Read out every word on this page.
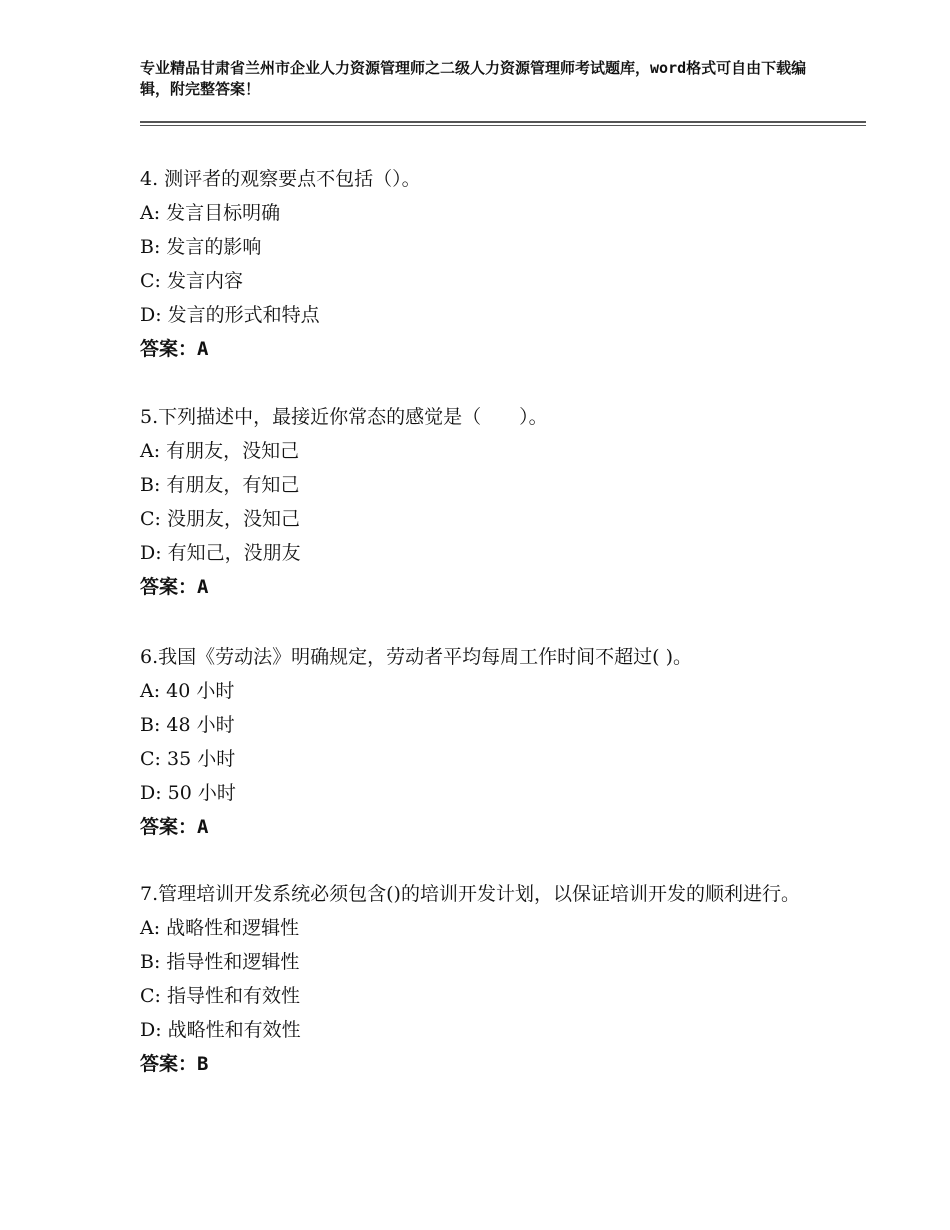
专业精品甘肃省兰州市企业人力资源管理师之二级人力资源管理师考试题库，word格式可自由下载编辑，附完整答案！
4. 测评者的观察要点不包括（）。
A: 发言目标明确
B: 发言的影响
C: 发言内容
D: 发言的形式和特点
答案：A
5.下列描述中，最接近你常态的感觉是（　　）。
A: 有朋友，没知己
B: 有朋友，有知己
C: 没朋友，没知己
D: 有知己，没朋友
答案：A
6.我国《劳动法》明确规定，劳动者平均每周工作时间不超过( )。
A: 40 小时
B: 48 小时
C: 35 小时
D: 50 小时
答案：A
7.管理培训开发系统必须包含()的培训开发计划，以保证培训开发的顺利进行。
A: 战略性和逻辑性
B: 指导性和逻辑性
C: 指导性和有效性
D: 战略性和有效性
答案：B
